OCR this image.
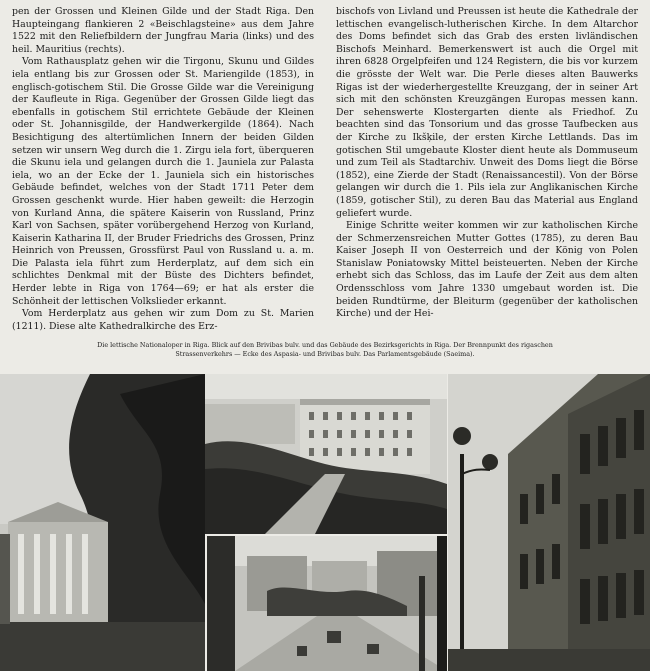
pen der Grossen und Kleinen Gilde und der Stadt Riga. Den Haupteingang flankieren 2 «Beischlagsteine» aus dem Jahre 1522 mit den Reliefbildern der Jungfrau Maria (links) und des heil. Mauritius (rechts).

Vom Rathausplatz gehen wir die Tirgonu, Skunu und Gildes iela entlang bis zur Grossen oder St. Mariengilde (1853), in englisch-gotischem Stil. Die Grosse Gilde war die Vereinigung der Kaufleute in Riga. Gegenüber der Grossen Gilde liegt das ebenfalls in gotischem Stil errichtete Gebäude der Kleinen oder St. Johannisgilde, der Handwerkergilde (1864). Nach Besichtigung des altertümlichen Innern der beiden Gilden setzen wir unsern Weg durch die 1. Zirgu iela fort, überqueren die Skunu iela und gelangen durch die 1. Jaunielа zur Palasta iela, wo an der Ecke der 1. Jaunielа sich ein historisches Gebäude befindet, welches von der Stadt 1711 Peter dem Grossen geschenkt wurde. Hier haben geweilt: die Herzogin von Kurland Anna, die spätere Kaiserin von Russland, Prinz Karl von Sachsen, später vorübergehend Herzog von Kurland, Kaiserin Katharina II, der Bruder Friedrichs des Grossen, Prinz Heinrich von Preussen, Grossfürst Paul von Russland u. a. m. Die Palasta iela führt zum Herderplatz, auf dem sich ein schlichtes Denkmal mit der Büste des Dichters befindet, Herder lebte in Riga von 1764—69; er hat als erster die Schönheit der lettischen Volkslieder erkannt.

Vom Herderplatz aus gehen wir zum Dom zu St. Marien (1211). Diese alte Kathedralkirche des Erz-

bischofs von Livland und Preussen ist heute die Kathedrale der lettischen evangelisch-lutherischen Kirche. In dem Altarchor des Doms befindet sich das Grab des ersten livländischen Bischofs Meinhard. Bemerkenswert ist auch die Orgel mit ihren 6828 Orgelpfeifen und 124 Registern, die bis vor kurzem die grösste der Welt war. Die Perle dieses alten Bauwerks Rigas ist der wiederhergestellte Kreuzgang, der in seiner Art sich mit den schönsten Kreuzgängen Europas messen kann. Der sehenswerte Klostergarten diente als Friedhof. Zu beachten sind das Tonsorium und das grosse Taufbecken aus der Kirche zu Ikšķile, der ersten Kirche Lettlands. Das im gotischen Stil umgebaute Kloster dient heute als Dommuseum und zum Teil als Stadtarchiv. Unweit des Doms liegt die Börse (1852), eine Zierde der Stadt (Renaissancestil). Von der Börse gelangen wir durch die 1. Pils iela zur Anglikanischen Kirche (1859, gotischer Stil), zu deren Bau das Material aus England geliefert wurde.

Einige Schritte weiter kommen wir zur katholischen Kirche der Schmerzensreichen Mutter Gottes (1785), zu deren Bau Kaiser Joseph II von Oesterreich und der König von Polen Stanislaw Poniatowsky Mittel beisteuerten. Neben der Kirche erhebt sich das Schloss, das im Laufe der Zeit aus dem alten Ordensschloss vom Jahre 1330 umgebaut worden ist. Die beiden Rundtürme, der Bleiturm (gegenüber der katholischen Kirche) und der Hei-

Die lettische Nationaloper in Riga. Blick auf den Brivibas bulv. und das Gebäude des Bezirksgerichts in Riga. Der Brennpunkt des rigaschen
Strassenverkehrs — Ecke des Aspasia- und Brivibas bulv. Das Parlamentsgebäude (Saeima).
